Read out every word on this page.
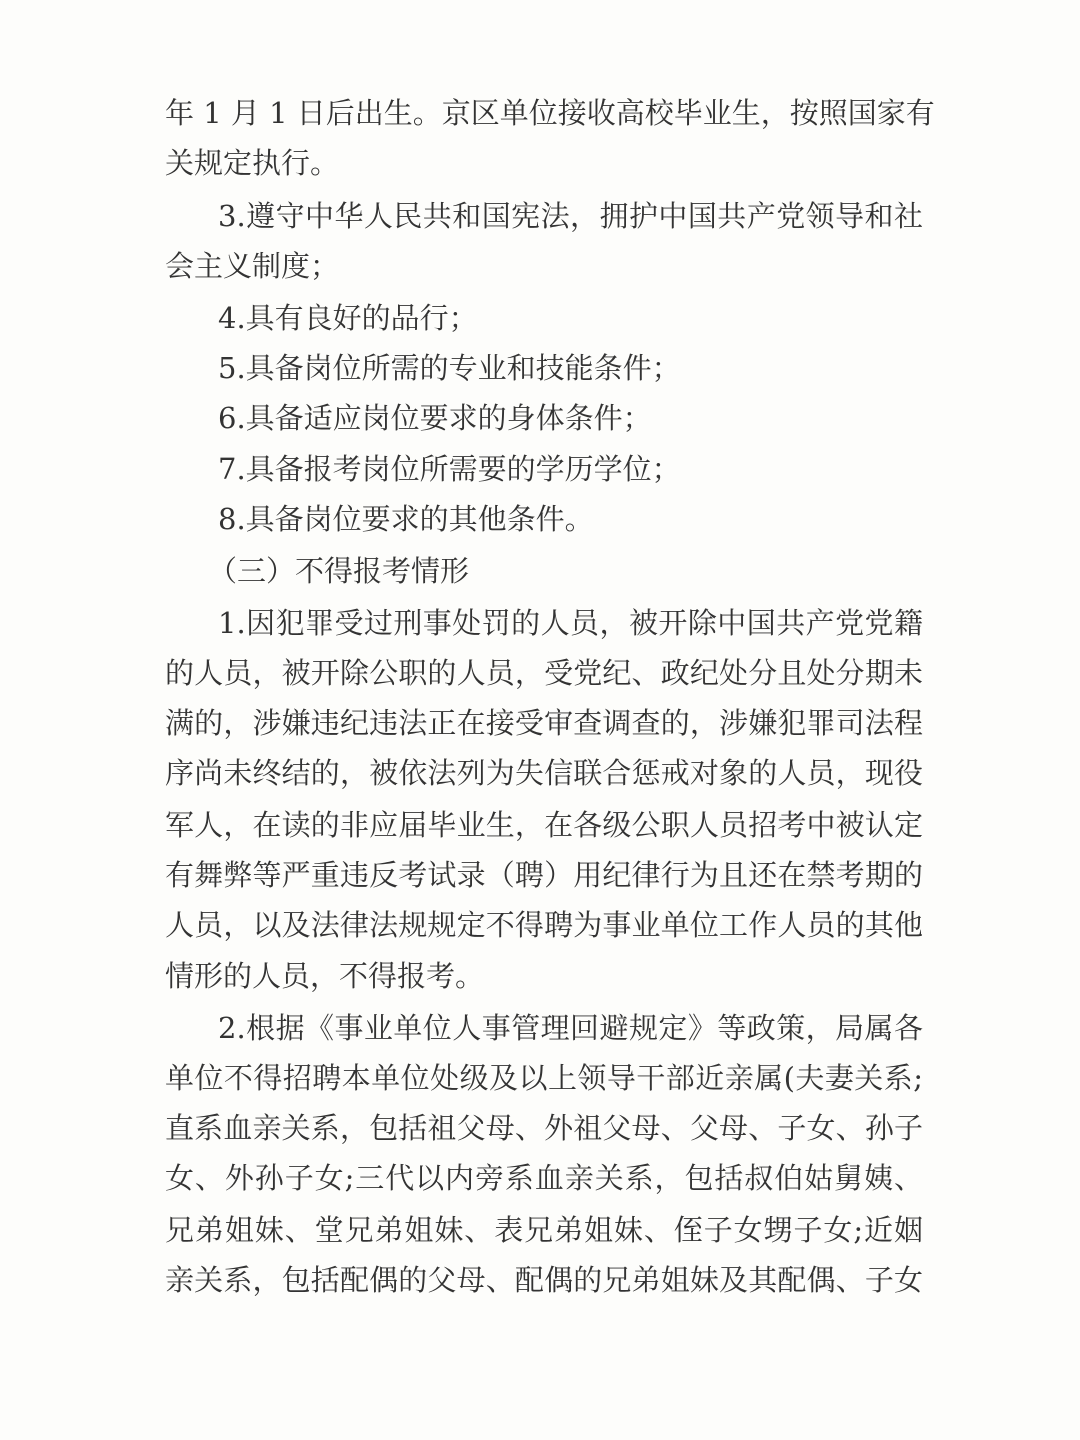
年 1 月 1 日后出生。京区单位接收高校毕业生，按照国家有
关规定执行。
3.遵守中华人民共和国宪法，拥护中国共产党领导和社
会主义制度；
4.具有良好的品行；
5.具备岗位所需的专业和技能条件；
6.具备适应岗位要求的身体条件；
7.具备报考岗位所需要的学历学位；
8.具备岗位要求的其他条件。
（三）不得报考情形
1.因犯罪受过刑事处罚的人员，被开除中国共产党党籍
的人员，被开除公职的人员，受党纪、政纪处分且处分期未
满的，涉嫌违纪违法正在接受审查调查的，涉嫌犯罪司法程
序尚未终结的，被依法列为失信联合惩戒对象的人员，现役
军人，在读的非应届毕业生，在各级公职人员招考中被认定
有舞弊等严重违反考试录（聘）用纪律行为且还在禁考期的
人员，以及法律法规规定不得聘为事业单位工作人员的其他
情形的人员，不得报考。
2.根据《事业单位人事管理回避规定》等政策，局属各
单位不得招聘本单位处级及以上领导干部近亲属(夫妻关系;
直系血亲关系，包括祖父母、外祖父母、父母、子女、孙子
女、外孙子女;三代以内旁系血亲关系，包括叔伯姑舅姨、
兄弟姐妹、堂兄弟姐妹、表兄弟姐妹、侄子女甥子女;近姻
亲关系，包括配偶的父母、配偶的兄弟姐妹及其配偶、子女
